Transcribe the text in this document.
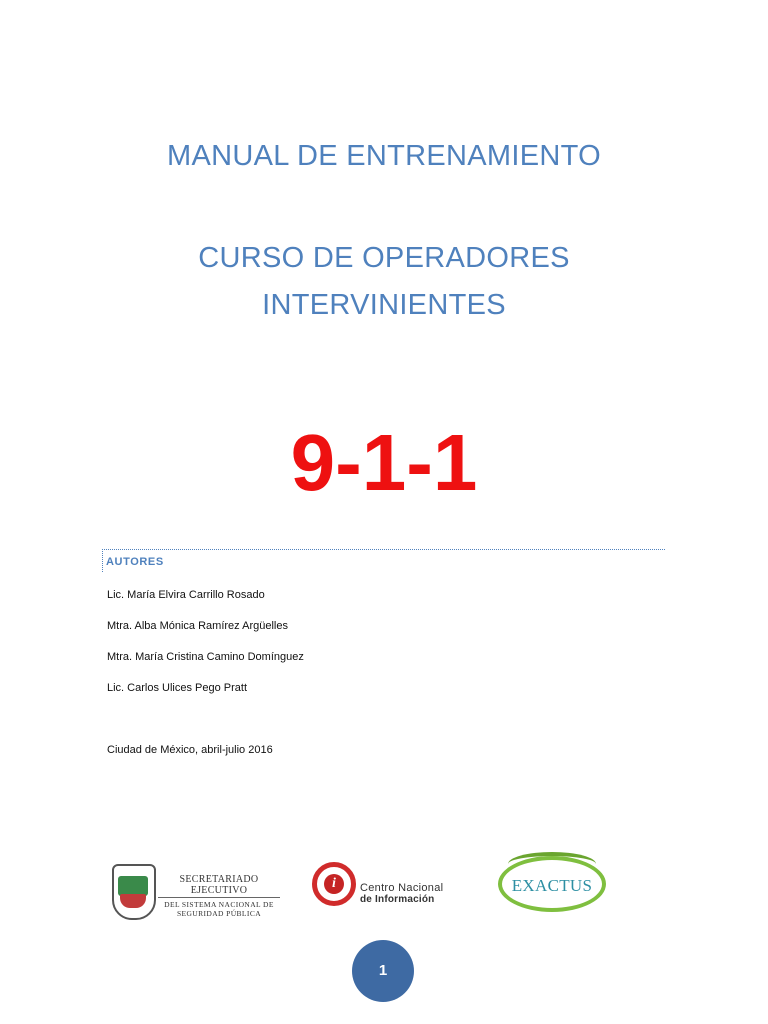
MANUAL DE ENTRENAMIENTO
CURSO DE OPERADORES
INTERVINIENTES
9-1-1
AUTORES
Lic. María Elvira Carrillo Rosado
Mtra. Alba Mónica Ramírez Argüelles
Mtra. María Cristina Camino Domínguez
Lic. Carlos Ulices Pego Pratt
Ciudad de México, abril-julio 2016
SECRETARIADO EJECUTIVO
DEL SISTEMA NACIONAL DE
SEGURIDAD PÚBLICA
i	Centro Nacional
de Información
EXACTUS
1
